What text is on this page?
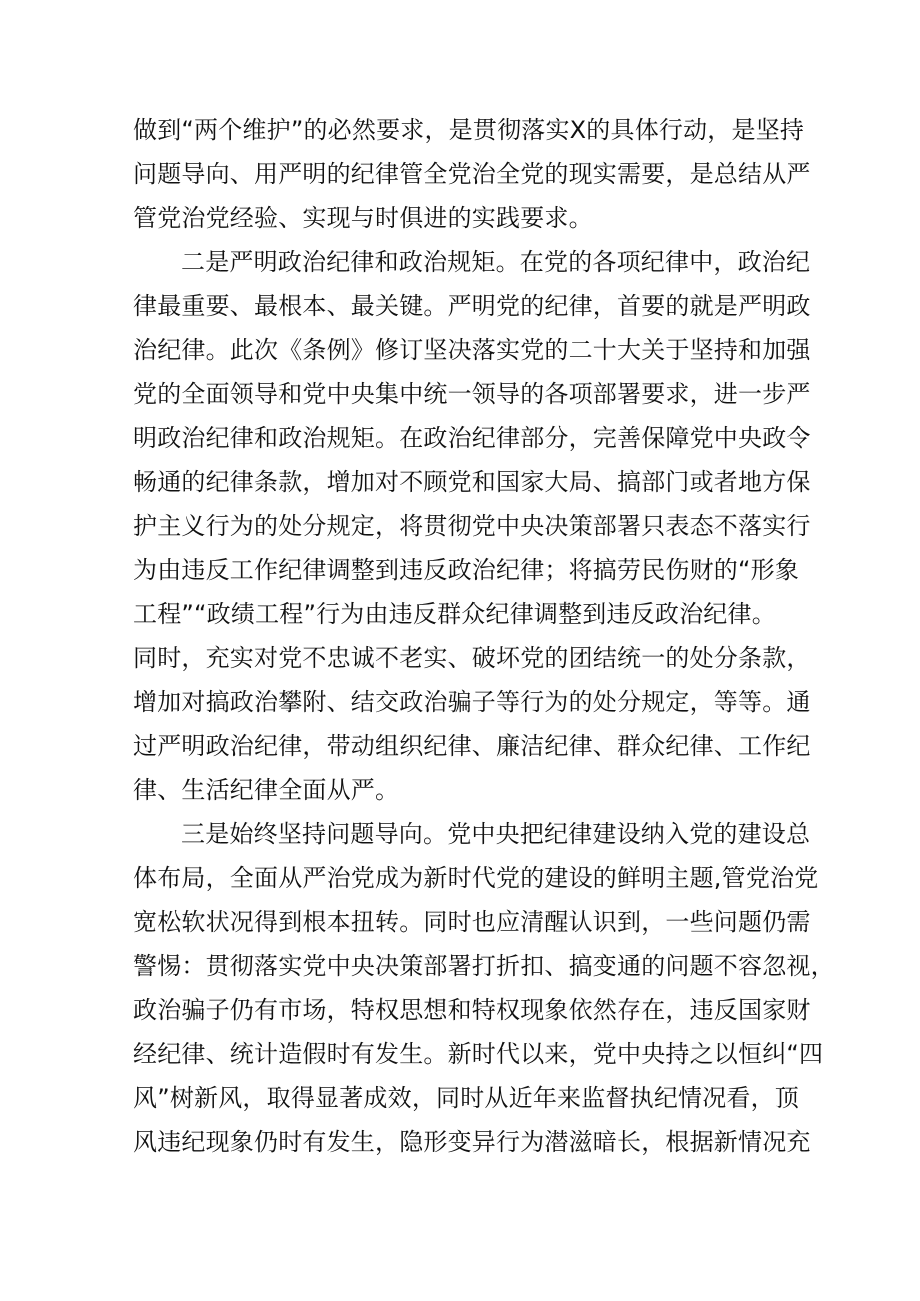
做到“两个维护”的必然要求，是贯彻落实X的具体行动，是坚持
问题导向、用严明的纪律管全党治全党的现实需要，是总结从严
管党治党经验、实现与时俱进的实践要求。
二是严明政治纪律和政治规矩。在党的各项纪律中，政治纪
律最重要、最根本、最关键。严明党的纪律，首要的就是严明政
治纪律。此次《条例》修订坚决落实党的二十大关于坚持和加强
党的全面领导和党中央集中统一领导的各项部署要求，进一步严
明政治纪律和政治规矩。在政治纪律部分，完善保障党中央政令
畅通的纪律条款，增加对不顾党和国家大局、搞部门或者地方保
护主义行为的处分规定，将贯彻党中央决策部署只表态不落实行
为由违反工作纪律调整到违反政治纪律；将搞劳民伤财的“形象
工程”“政绩工程”行为由违反群众纪律调整到违反政治纪律。
同时，充实对党不忠诚不老实、破坏党的团结统一的处分条款，
增加对搞政治攀附、结交政治骗子等行为的处分规定，等等。通
过严明政治纪律，带动组织纪律、廉洁纪律、群众纪律、工作纪
律、生活纪律全面从严。
三是始终坚持问题导向。党中央把纪律建设纳入党的建设总
体布局，全面从严治党成为新时代党的建设的鲜明主题,管党治党
宽松软状况得到根本扭转。同时也应清醒认识到，一些问题仍需
警惕：贯彻落实党中央决策部署打折扣、搞变通的问题不容忽视，
政治骗子仍有市场，特权思想和特权现象依然存在，违反国家财
经纪律、统计造假时有发生。新时代以来，党中央持之以恒纠“四
风”树新风，取得显著成效，同时从近年来监督执纪情况看，顶
风违纪现象仍时有发生，隐形变异行为潜滋暗长，根据新情况充
